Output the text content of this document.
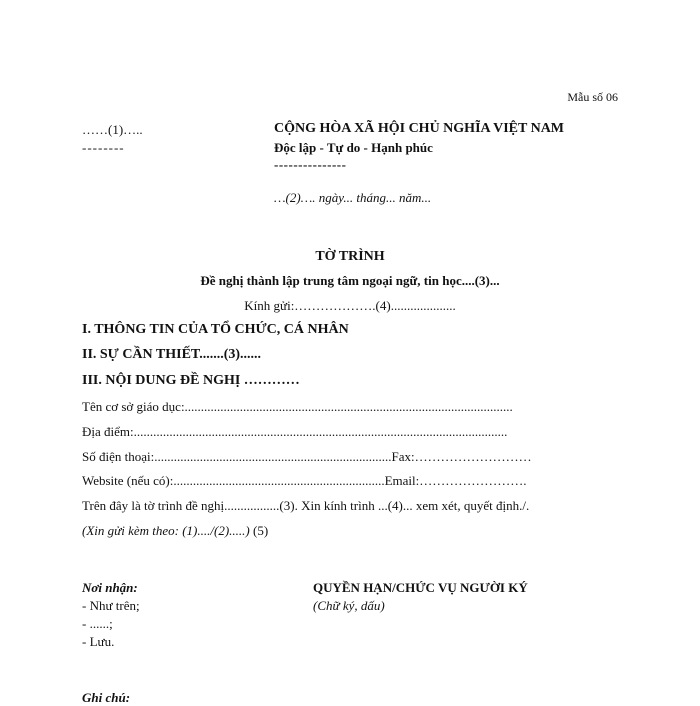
Mẫu số 06
……(1)…..
--------
CỘNG HÒA XÃ HỘI CHỦ NGHĨA VIỆT NAM
Độc lập - Tự do - Hạnh phúc
---------------
…(2)…. ngày... tháng... năm...
TỜ TRÌNH
Đề nghị thành lập trung tâm ngoại ngữ, tin học....(3)...
Kính gửi:……………….(4)....................
I. THÔNG TIN CỦA TỔ CHỨC, CÁ NHÂN
II. SỰ CẦN THIẾT.......(3)......
III. NỘI DUNG ĐỀ NGHỊ …………
Tên cơ sở giáo dục:.....................................................................................................
Địa điểm:...................................................................................................................
Số điện thoại:.........................................................................Fax:………………………
Website (nếu có):.................................................................Email:…………………….
Trên đây là tờ trình đề nghị.................(3). Xin kính trình ...(4)... xem xét, quyết định./.
(Xin gửi kèm theo: (1)..../(2).....) (5)
Nơi nhận:
- Như trên;
- ......;
- Lưu.
QUYỀN HẠN/CHỨC VỤ NGƯỜI KÝ
(Chữ ký, dấu)
Ghi chú:
